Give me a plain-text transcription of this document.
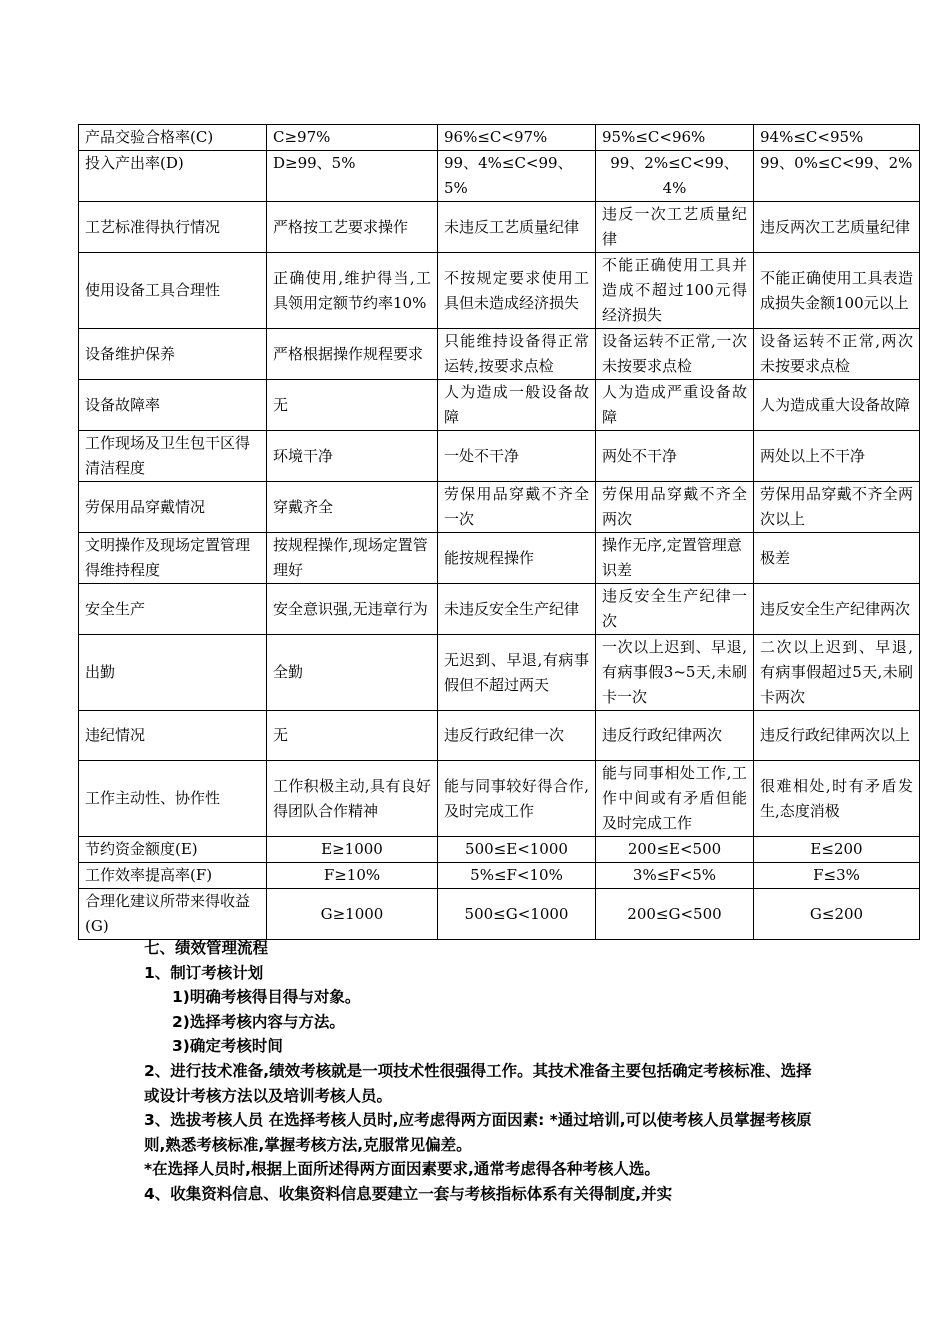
产品交验合格率(C)	C≥97%	96%≤C<97%	95%≤C<96%	94%≤C<95%
投入产出率(D)	D≥99、5%	99、4%≤C<99、5%	99、2%≤C<99、4%	99、0%≤C<99、2%
工艺标准得执行情况	严格按工艺要求操作	未违反工艺质量纪律	违反一次工艺质量纪律	违反两次工艺质量纪律
使用设备工具合理性	正确使用,维护得当,工具领用定额节约率10%	不按规定要求使用工具但未造成经济损失	不能正确使用工具并造成不超过100元得经济损失	不能正确使用工具表造成损失金额100元以上
设备维护保养	严格根据操作规程要求	只能维持设备得正常运转,按要求点检	设备运转不正常,一次未按要求点检	设备运转不正常,两次未按要求点检
设备故障率	无	人为造成一般设备故障	人为造成严重设备故障	人为造成重大设备故障
工作现场及卫生包干区得清洁程度	环境干净	一处不干净	两处不干净	两处以上不干净
劳保用品穿戴情况	穿戴齐全	劳保用品穿戴不齐全一次	劳保用品穿戴不齐全两次	劳保用品穿戴不齐全两次以上
文明操作及现场定置管理得维持程度	按规程操作,现场定置管理好	能按规程操作	操作无序,定置管理意识差	极差
安全生产	安全意识强,无违章行为	未违反安全生产纪律	违反安全生产纪律一次	违反安全生产纪律两次
出勤	全勤	无迟到、早退,有病事假但不超过两天	一次以上迟到、早退,有病事假3~5天,未刷卡一次	二次以上迟到、早退,有病事假超过5天,未刷卡两次
违纪情况	无	违反行政纪律一次	违反行政纪律两次	违反行政纪律两次以上
工作主动性、协作性	工作积极主动,具有良好得团队合作精神	能与同事较好得合作,及时完成工作	能与同事相处工作,工作中间或有矛盾但能及时完成工作	很难相处,时有矛盾发生,态度消极
节约资金额度(E)	E≥1000	500≤E<1000	200≤E<500	E≤200
工作效率提高率(F)	F≥10%	5%≤F<10%	3%≤F<5%	F≤3%
合理化建议所带来得收益(G)	G≥1000	500≤G<1000	200≤G<500	G≤200

七、绩效管理流程

1、制订考核计划

1)明确考核得目得与对象。

2)选择考核内容与方法。

3)确定考核时间

2、进行技术准备,绩效考核就是一项技术性很强得工作。其技术准备主要包括确定考核标准、选择或设计考核方法以及培训考核人员。

3、选拔考核人员 在选择考核人员时,应考虑得两方面因素: *通过培训,可以使考核人员掌握考核原则,熟悉考核标准,掌握考核方法,克服常见偏差。

*在选择人员时,根据上面所述得两方面因素要求,通常考虑得各种考核人选。

4、收集资料信息、收集资料信息要建立一套与考核指标体系有关得制度,并实
